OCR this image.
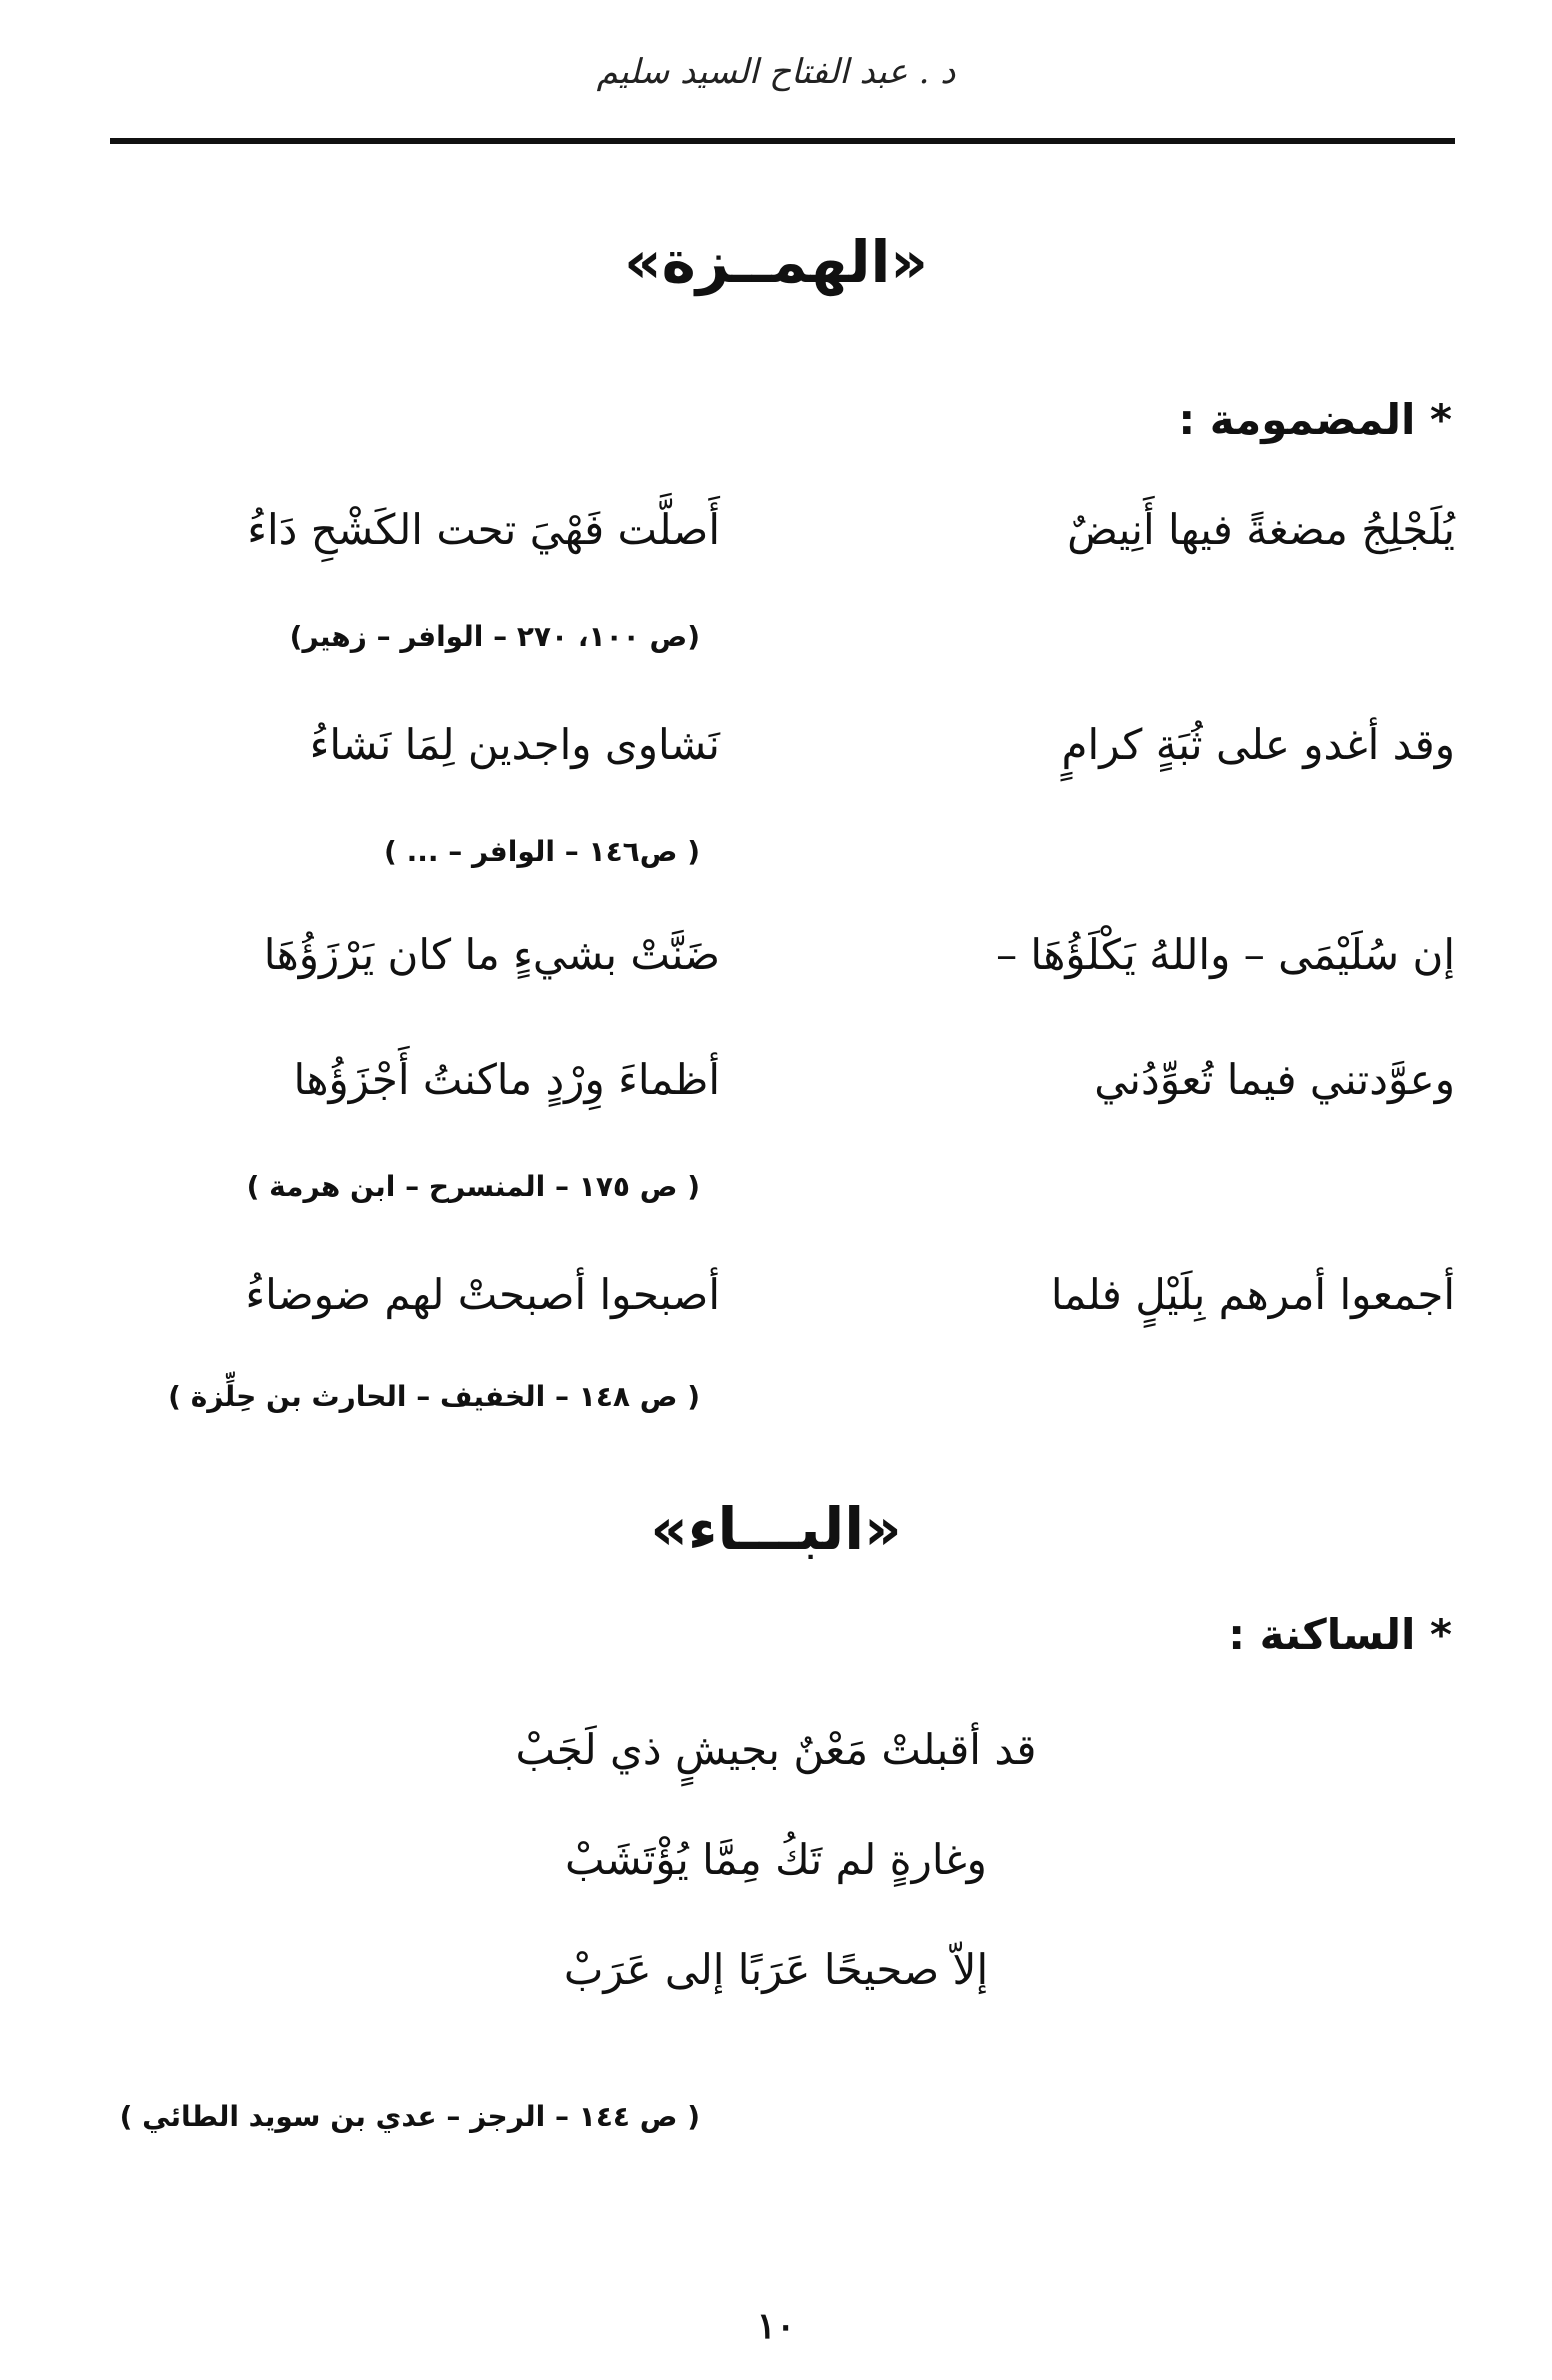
د . عبد الفتاح السيد سليم
«الهمــزة»
* المضمومة :
يُلَجْلِجُ مضغةً فيها أَنِيضٌ
أَصلَّت فَهْيَ تحت الكَشْحِ دَاءُ
(ص ١٠٠، ٢٧٠ – الوافر – زهير)
وقد أغدو على ثُبَةٍ كرامٍ
نَشاوى واجدين لِمَا نَشاءُ
( ص١٤٦ – الوافر – ... )
إن سُلَيْمَى – واللهُ يَكْلَؤُهَا –
ضَنَّتْ بشيءٍ ما كان يَرْزَؤُهَا
وعوَّدتني فيما تُعوِّدُني
أظماءَ وِرْدٍ ماكنتُ أَجْزَؤُها
( ص ١٧٥ – المنسرح – ابن هرمة )
أجمعوا أمرهم بِلَيْلٍ فلما
أصبحوا أصبحتْ لهم ضوضاءُ
( ص ١٤٨ – الخفيف – الحارث بن حِلِّزة )
«البـــاء»
* الساكنة :
قد أقبلتْ مَعْنٌ بجيشٍ ذي لَجَبْ
وغارةٍ لم تَكُ مِمَّا يُؤْتَشَبْ
إلاّ صحيحًا عَرَبًا إلى عَرَبْ
( ص ١٤٤ – الرجز – عدي بن سويد الطائي )
١٠
